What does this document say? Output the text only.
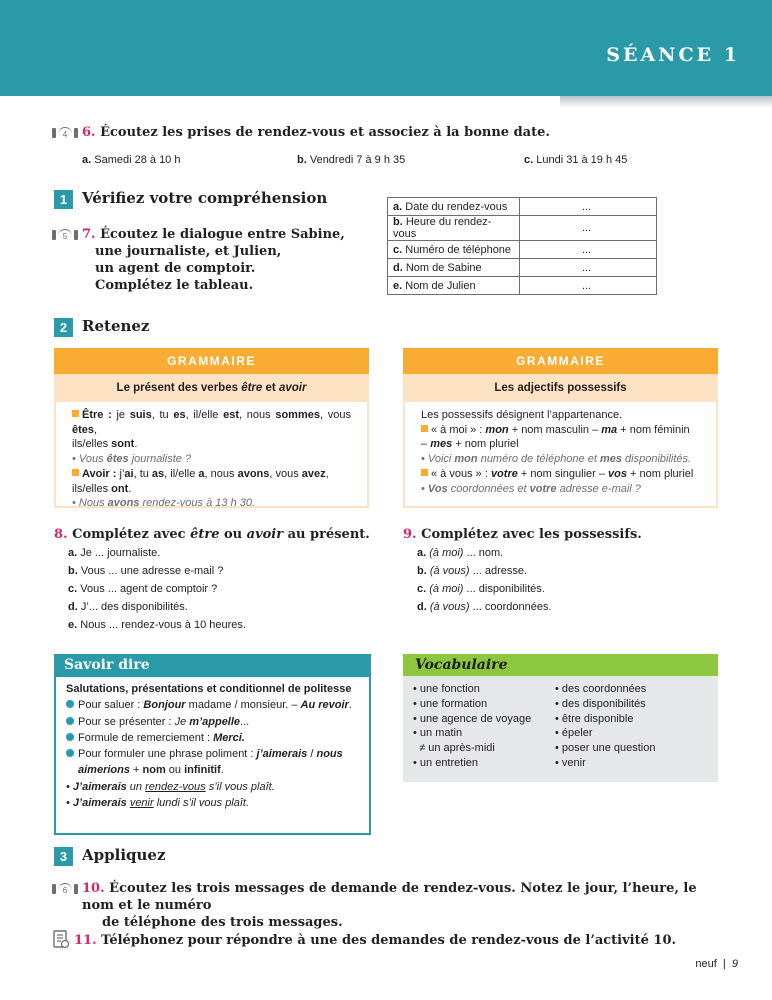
SÉANCE 1
4	6. Écoutez les prises de rendez-vous et associez à la bonne date.
a. Samedi 28 à 10 h	b. Vendredi 7 à 9 h 35	c. Lundi 31 à 19 h 45
1 Vérifiez votre compréhension
5	7. Écoutez le dialogue entre Sabine,
une journaliste, et Julien,
un agent de comptoir.
Complétez le tableau.
a. Date du rendez-vous	...
b. Heure du rendez-vous	...
c. Numéro de téléphone	...
d. Nom de Sabine	...
e. Nom de Julien	...
2 Retenez
GRAMMAIRE
Le présent des verbes être et avoir
Être : je suis, tu es, il/elle est, nous sommes, vous êtes,
ils/elles sont.
• Vous êtes journaliste ?
Avoir : j’ai, tu as, il/elle a, nous avons, vous avez,
ils/elles ont.
• Nous avons rendez-vous à 13 h 30.
GRAMMAIRE
Les adjectifs possessifs
Les possessifs désignent l’appartenance.
« à moi » : mon + nom masculin – ma + nom féminin
– mes + nom pluriel
• Voici mon numéro de téléphone et mes disponibilités.
« à vous » : votre + nom singulier – vos + nom pluriel
• Vos coordonnées et votre adresse e-mail ?
8. Complétez avec être ou avoir au présent.
a. Je ... journaliste.
b. Vous ... une adresse e-mail ?
c. Vous ... agent de comptoir ?
d. J’... des disponibilités.
e. Nous ... rendez-vous à 10 heures.
9. Complétez avec les possessifs.
a. (à moi) ... nom.
b. (à vous) ... adresse.
c. (à moi) ... disponibilités.
d. (à vous) ... coordonnées.
Savoir dire
Salutations, présentations et conditionnel de politesse
Pour saluer : Bonjour madame / monsieur. – Au revoir.
Pour se présenter : Je m’appelle...
Formule de remerciement : Merci.
Pour formuler une phrase poliment : j’aimerais / nous
aimerions + nom ou infinitif.
• J’aimerais un rendez-vous s’il vous plaît.
• J’aimerais venir lundi s’il vous plaît.
Vocabulaire
• une fonction
• une formation
• une agence de voyage
• un matin
≠ un après-midi
• un entretien
• des coordonnées
• des disponibilités
• être disponible
• épeler
• poser une question
• venir
3 Appliquez
6	10. Écoutez les trois messages de demande de rendez-vous. Notez le jour, l’heure, le nom et le numéro
de téléphone des trois messages.
11. Téléphonez pour répondre à une des demandes de rendez-vous de l’activité 10.
neuf | 9
